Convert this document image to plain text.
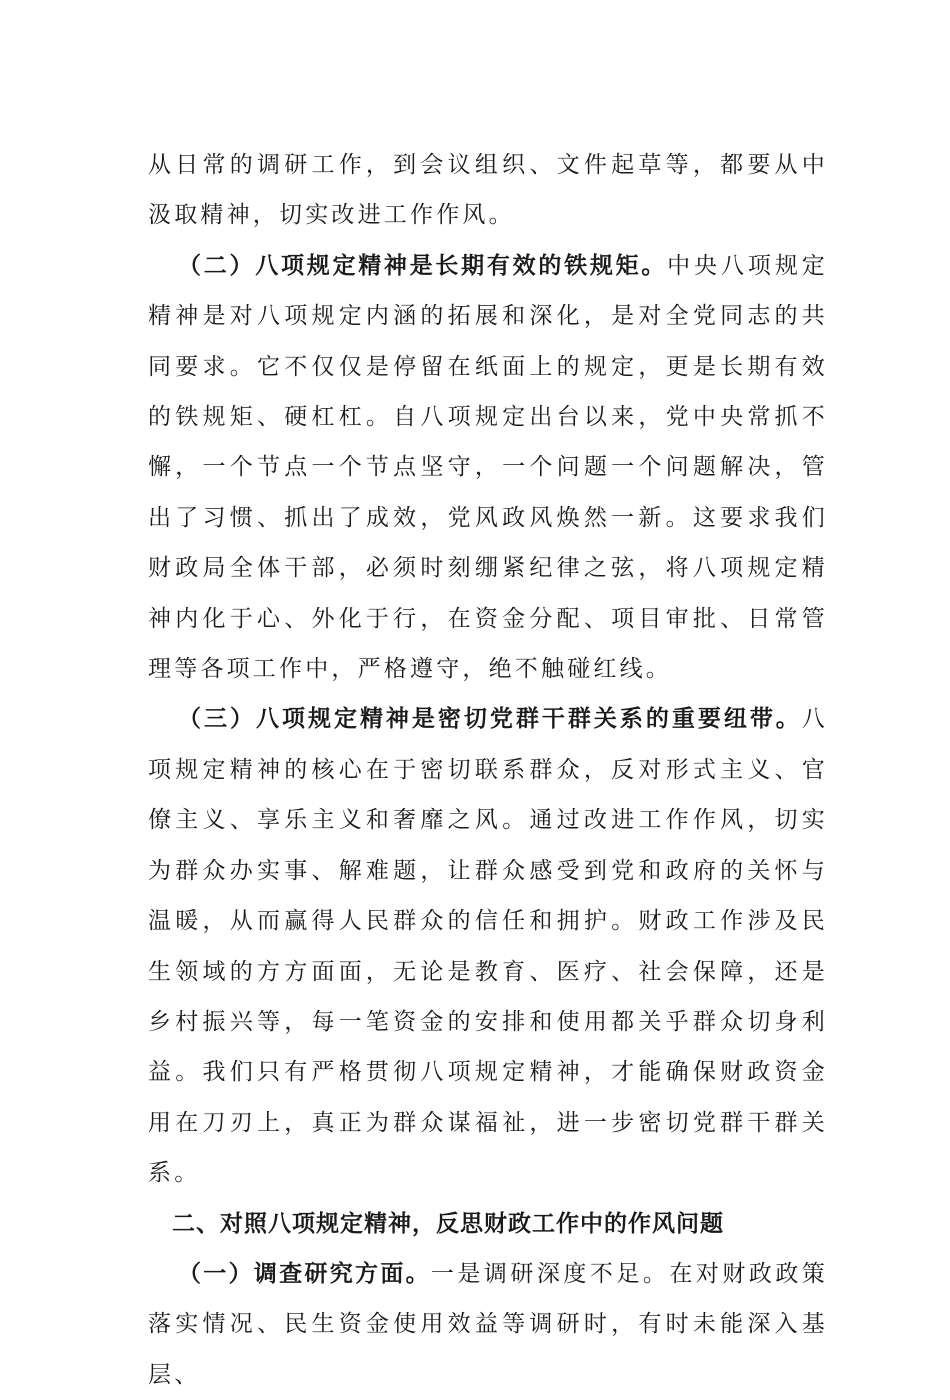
从日常的调研工作，到会议组织、文件起草等，都要从中汲取精神，切实改进工作作风。

（二）八项规定精神是长期有效的铁规矩。中央八项规定精神是对八项规定内涵的拓展和深化，是对全党同志的共同要求。它不仅仅是停留在纸面上的规定，更是长期有效的铁规矩、硬杠杠。自八项规定出台以来，党中央常抓不懈，一个节点一个节点坚守，一个问题一个问题解决，管出了习惯、抓出了成效，党风政风焕然一新。这要求我们财政局全体干部，必须时刻绷紧纪律之弦，将八项规定精神内化于心、外化于行，在资金分配、项目审批、日常管理等各项工作中，严格遵守，绝不触碰红线。

（三）八项规定精神是密切党群干群关系的重要纽带。八项规定精神的核心在于密切联系群众，反对形式主义、官僚主义、享乐主义和奢靡之风。通过改进工作作风，切实为群众办实事、解难题，让群众感受到党和政府的关怀与温暖，从而赢得人民群众的信任和拥护。财政工作涉及民生领域的方方面面，无论是教育、医疗、社会保障，还是乡村振兴等，每一笔资金的安排和使用都关乎群众切身利益。我们只有严格贯彻八项规定精神，才能确保财政资金用在刀刃上，真正为群众谋福祉，进一步密切党群干群关系。

二、对照八项规定精神，反思财政工作中的作风问题

（一）调查研究方面。一是调研深度不足。在对财政政策落实情况、民生资金使用效益等调研时，有时未能深入基层、
